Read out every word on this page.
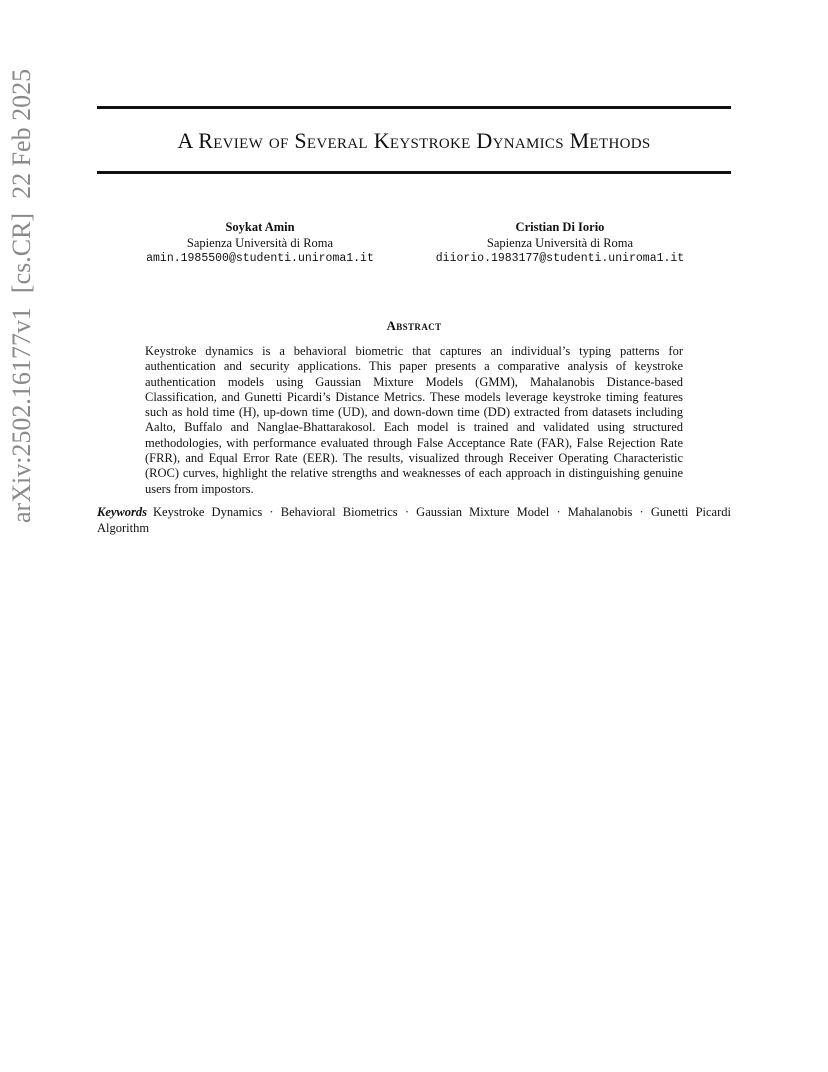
arXiv:2502.16177v1[cs.CR]22 Feb 2025	A Review of Several Keystroke Dynamics Methods
Soykat Amin
Sapienza Università di Roma
amin.1985500@studenti.uniroma1.it
Cristian Di Iorio
Sapienza Università di Roma
diiorio.1983177@studenti.uniroma1.it
Abstract
Keystroke dynamics is a behavioral biometric that captures an individual’s typing patterns for authentication and security applications. This paper presents a comparative analysis of keystroke authentication models using Gaussian Mixture Models (GMM), Mahalanobis Distance-based Classification, and Gunetti Picardi’s Distance Metrics. These models leverage keystroke timing features such as hold time (H), up-down time (UD), and down-down time (DD) extracted from datasets including Aalto, Buffalo and Nanglae-Bhattarakosol. Each model is trained and validated using structured methodologies, with performance evaluated through False Acceptance Rate (FAR), False Rejection Rate (FRR), and Equal Error Rate (EER). The results, visualized through Receiver Operating Characteristic (ROC) curves, highlight the relative strengths and weaknesses of each approach in distinguishing genuine users from impostors.
Keywords Keystroke Dynamics · Behavioral Biometrics · Gaussian Mixture Model · Mahalanobis · Gunetti Picardi Algorithm
